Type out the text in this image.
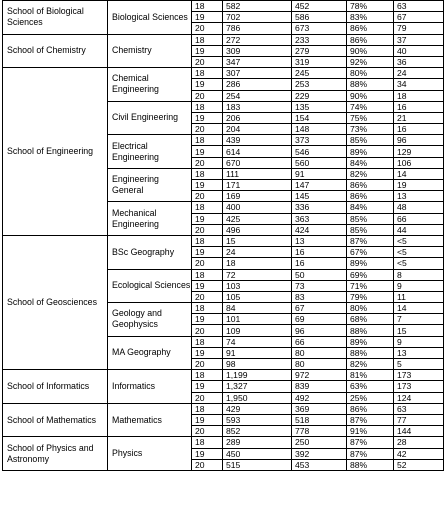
School of Biological Sciences	Biological Sciences	18	582	452	78%	63
		19	702	586	83%	67
		20	786	673	86%	79
School of Chemistry	Chemistry	18	272	233	86%	37
		19	309	279	90%	40
		20	347	319	92%	36
School of Engineering	Chemical Engineering	18	307	245	80%	24
		19	286	253	88%	34
		20	254	229	90%	18
	Civil Engineering	18	183	135	74%	16
		19	206	154	75%	21
		20	204	148	73%	16
	Electrical Engineering	18	439	373	85%	96
		19	614	546	89%	129
		20	670	560	84%	106
	Engineering General	18	111	91	82%	14
		19	171	147	86%	19
		20	169	145	86%	13
	Mechanical Engineering	18	400	336	84%	48
		19	425	363	85%	66
		20	496	424	85%	44
School of Geosciences	BSc Geography	18	15	13	87%	<5
		19	24	16	67%	<5
		20	18	16	89%	<5
	Ecological Sciences	18	72	50	69%	8
		19	103	73	71%	9
		20	105	83	79%	11
	Geology and Geophysics	18	84	67	80%	14
		19	101	69	68%	7
		20	109	96	88%	15
	MA Geography	18	74	66	89%	9
		19	91	80	88%	13
		20	98	80	82%	5
School of Informatics	Informatics	18	1,199	972	81%	173
		19	1,327	839	63%	173
		20	1,950	492	25%	124
School of Mathematics	Mathematics	18	429	369	86%	63
		19	593	518	87%	77
		20	852	778	91%	144
School of Physics and Astronomy	Physics	18	289	250	87%	28
		19	450	392	87%	42
		20	515	453	88%	52
